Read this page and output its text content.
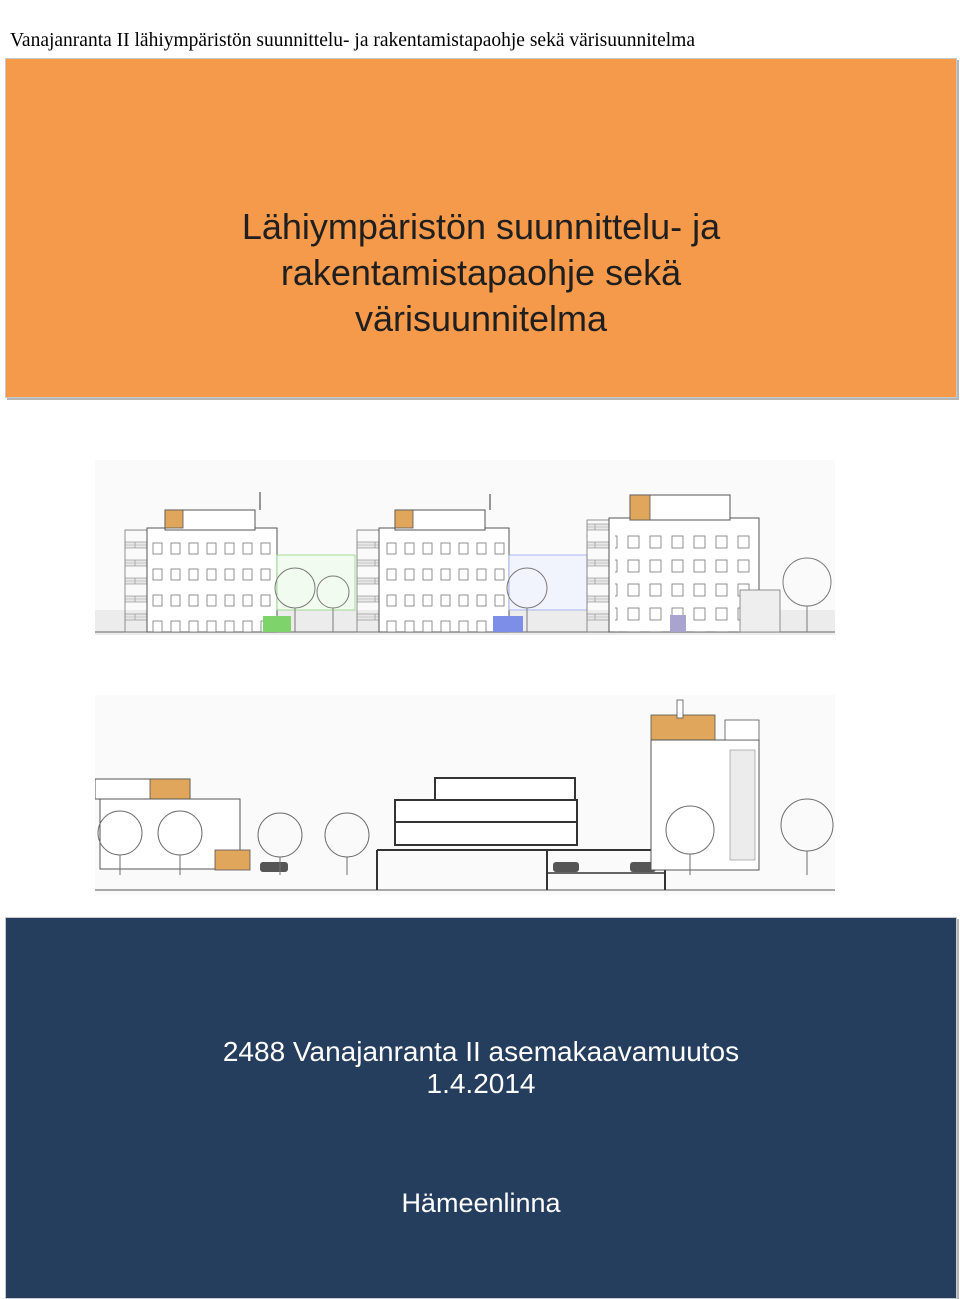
Vanajanranta II lähiympäristön suunnittelu- ja rakentamistapaohje sekä värisuunnitelma
Lähiympäristön suunnittelu- ja
rakentamistapaohje sekä
värisuunnitelma

2488 Vanajanranta II asemakaavamuutos
1.4.2014

Hämeenlinna
